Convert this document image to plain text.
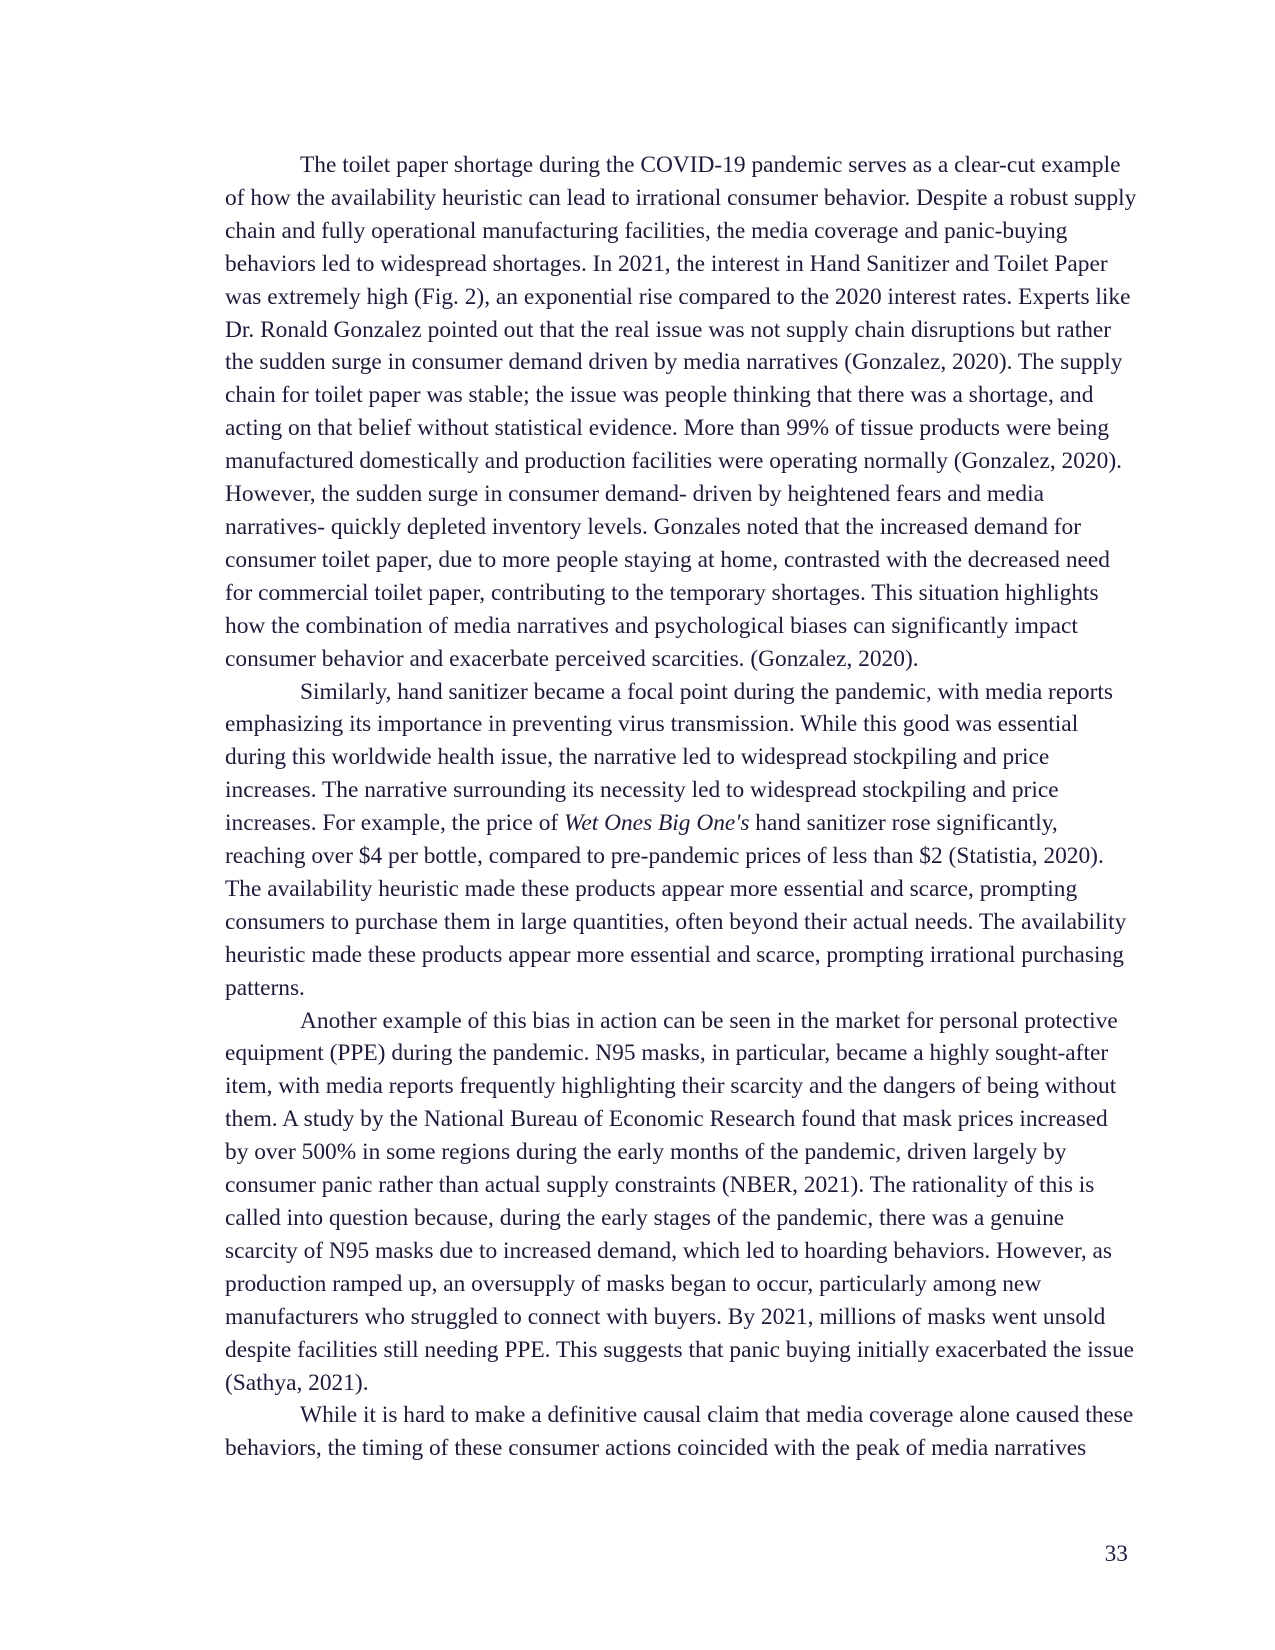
The toilet paper shortage during the COVID-19 pandemic serves as a clear-cut example
of how the availability heuristic can lead to irrational consumer behavior. Despite a robust supply
chain and fully operational manufacturing facilities, the media coverage and panic-buying
behaviors led to widespread shortages. In 2021, the interest in Hand Sanitizer and Toilet Paper
was extremely high (Fig. 2), an exponential rise compared to the 2020 interest rates. Experts like
Dr. Ronald Gonzalez pointed out that the real issue was not supply chain disruptions but rather
the sudden surge in consumer demand driven by media narratives (Gonzalez, 2020). The supply
chain for toilet paper was stable; the issue was people thinking that there was a shortage, and
acting on that belief without statistical evidence. More than 99% of tissue products were being
manufactured domestically and production facilities were operating normally (Gonzalez, 2020).
However, the sudden surge in consumer demand- driven by heightened fears and media
narratives- quickly depleted inventory levels. Gonzales noted that the increased demand for
consumer toilet paper, due to more people staying at home, contrasted with the decreased need
for commercial toilet paper, contributing to the temporary shortages. This situation highlights
how the combination of media narratives and psychological biases can significantly impact
consumer behavior and exacerbate perceived scarcities. (Gonzalez, 2020).

Similarly, hand sanitizer became a focal point during the pandemic, with media reports
emphasizing its importance in preventing virus transmission. While this good was essential
during this worldwide health issue, the narrative led to widespread stockpiling and price
increases. The narrative surrounding its necessity led to widespread stockpiling and price
increases. For example, the price of Wet Ones Big One's hand sanitizer rose significantly,
reaching over $4 per bottle, compared to pre-pandemic prices of less than $2 (Statistia, 2020).
The availability heuristic made these products appear more essential and scarce, prompting
consumers to purchase them in large quantities, often beyond their actual needs. The availability
heuristic made these products appear more essential and scarce, prompting irrational purchasing
patterns.

Another example of this bias in action can be seen in the market for personal protective
equipment (PPE) during the pandemic. N95 masks, in particular, became a highly sought-after
item, with media reports frequently highlighting their scarcity and the dangers of being without
them. A study by the National Bureau of Economic Research found that mask prices increased
by over 500% in some regions during the early months of the pandemic, driven largely by
consumer panic rather than actual supply constraints (NBER, 2021). The rationality of this is
called into question because, during the early stages of the pandemic, there was a genuine
scarcity of N95 masks due to increased demand, which led to hoarding behaviors. However, as
production ramped up, an oversupply of masks began to occur, particularly among new
manufacturers who struggled to connect with buyers. By 2021, millions of masks went unsold
despite facilities still needing PPE. This suggests that panic buying initially exacerbated the issue
(Sathya, 2021).

While it is hard to make a definitive causal claim that media coverage alone caused these
behaviors, the timing of these consumer actions coincided with the peak of media narratives

33
